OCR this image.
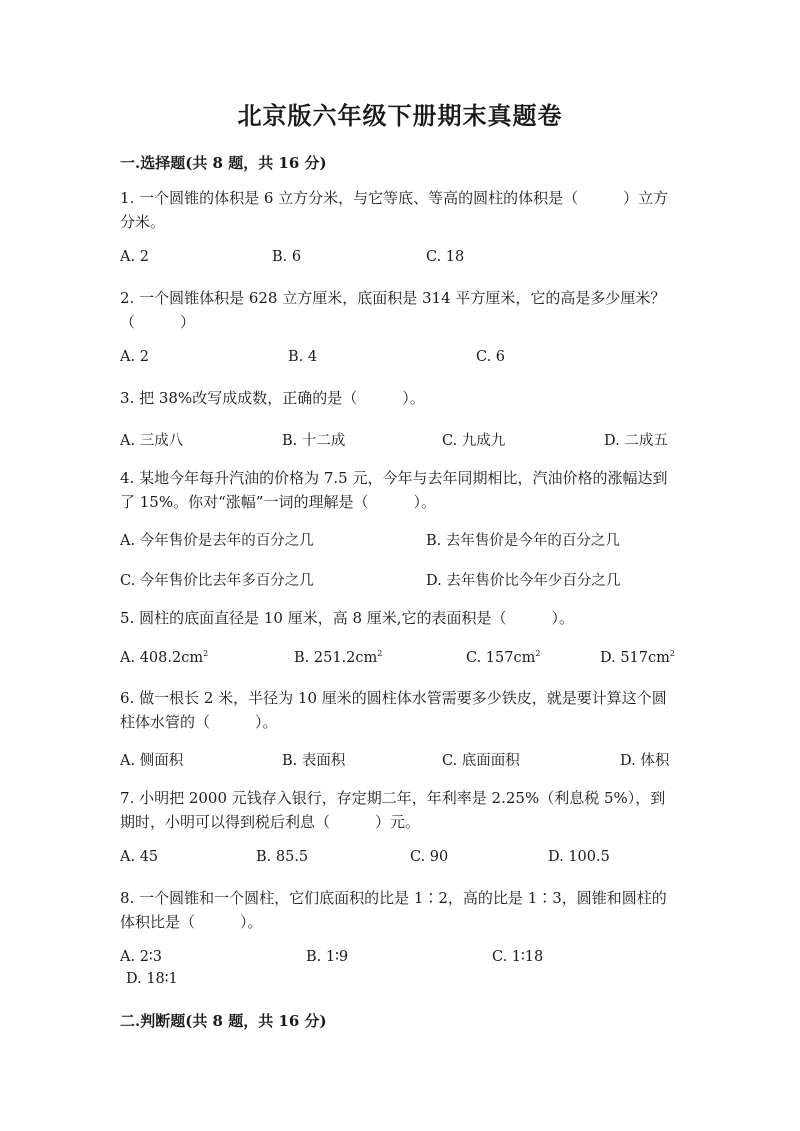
北京版六年级下册期末真题卷
一.选择题(共 8 题，共 16 分)
1. 一个圆锥的体积是 6 立方分米，与它等底、等高的圆柱的体积是（　　　）立方分米。
A. 2	B. 6	C. 18
2. 一个圆锥体积是 628 立方厘米，底面积是 314 平方厘米，它的高是多少厘米？（　　　）
A. 2	B. 4	C. 6
3. 把 38%改写成成数，正确的是（　　　）。
A. 三成八	B. 十二成	C. 九成九	D. 二成五
4. 某地今年每升汽油的价格为 7.5 元，今年与去年同期相比，汽油价格的涨幅达到了 15%。你对“涨幅”一词的理解是（　　　）。
A. 今年售价是去年的百分之几	B. 去年售价是今年的百分之几
C. 今年售价比去年多百分之几	D. 去年售价比今年少百分之几
5. 圆柱的底面直径是 10 厘米，高 8 厘米,它的表面积是（　　　）。
A. $408.2cm^2$	B. $251.2cm^2$	C. $157cm^2$	D. $517cm^2$
6. 做一根长 2 米，半径为 10 厘米的圆柱体水管需要多少铁皮，就是要计算这个圆柱体水管的（　　　）。
A. 侧面积	B. 表面积	C. 底面面积	D. 体积
7. 小明把 2000 元钱存入银行，存定期二年，年利率是 2.25%（利息税 5%），到期时，小明可以得到税后利息（　　　）元。
A. 45	B. 85.5	C. 90	D. 100.5
8. 一个圆锥和一个圆柱，它们底面积的比是 1∶2，高的比是 1∶3，圆锥和圆柱的体积比是（　　　）。
A. 2∶3	B. 1∶9	C. 1∶18
D. 18∶1
二.判断题(共 8 题，共 16 分)
